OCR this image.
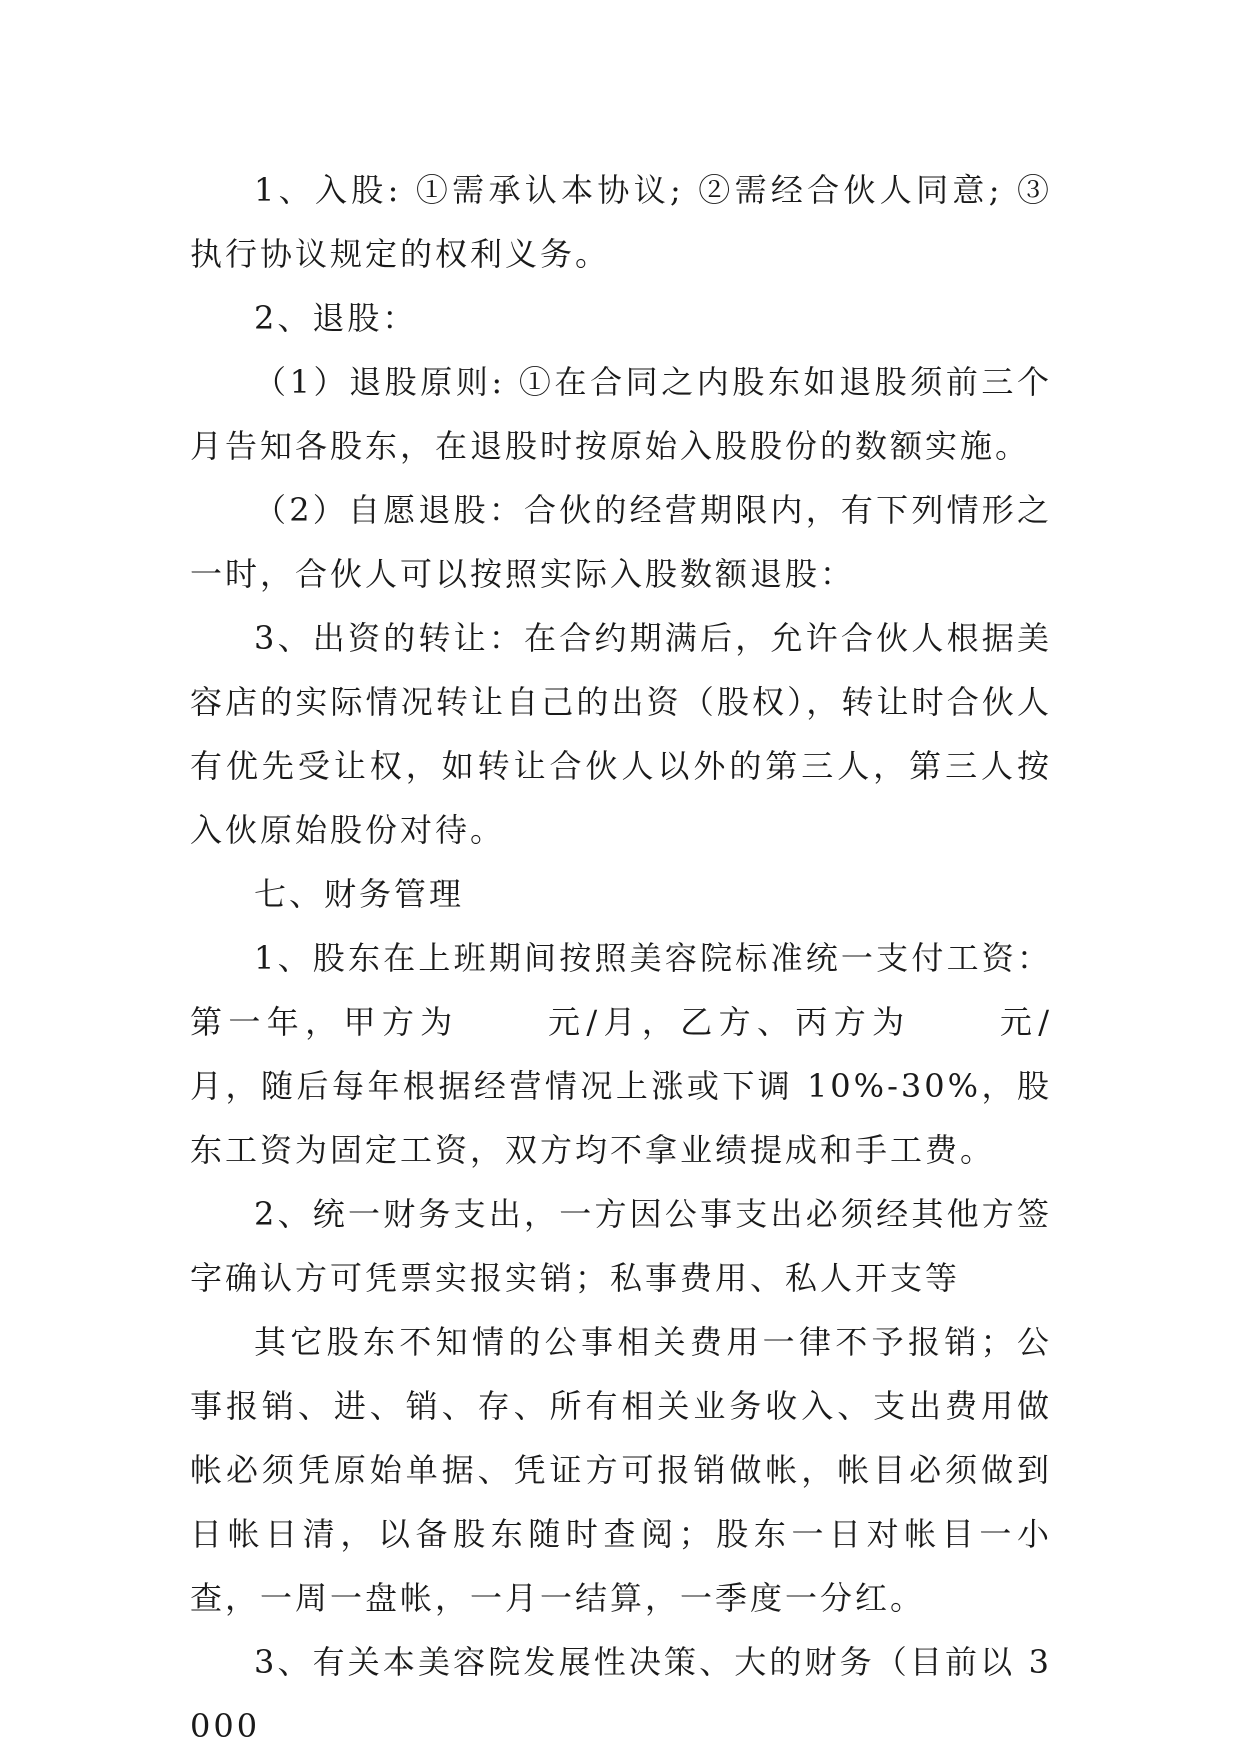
1、入股: ①需承认本协议; ②需经合伙人同意; ③执行协议规定的权利义务。

2、退股：

（1）退股原则: ①在合同之内股东如退股须前三个月告知各股东，在退股时按原始入股股份的数额实施。

（2）自愿退股：合伙的经营期限内，有下列情形之一时，合伙人可以按照实际入股数额退股：

3、出资的转让：在合约期满后，允许合伙人根据美容店的实际情况转让自己的出资（股权），转让时合伙人有优先受让权，如转让合伙人以外的第三人，第三人按入伙原始股份对待。

七、财务管理

1、股东在上班期间按照美容院标准统一支付工资：第一年，甲方为	元/月，乙方、丙方为	元/月，随后每年根据经营情况上涨或下调 10%-30%，股东工资为固定工资，双方均不拿业绩提成和手工费。

2、统一财务支出，一方因公事支出必须经其他方签字确认方可凭票实报实销；私事费用、私人开支等

其它股东不知情的公事相关费用一律不予报销；公事报销、进、销、存、所有相关业务收入、支出费用做帐必须凭原始单据、凭证方可报销做帐，帐目必须做到日帐日清，以备股东随时查阅；股东一日对帐目一小查，一周一盘帐，一月一结算，一季度一分红。

3、有关本美容院发展性决策、大的财务（目前以 3000
